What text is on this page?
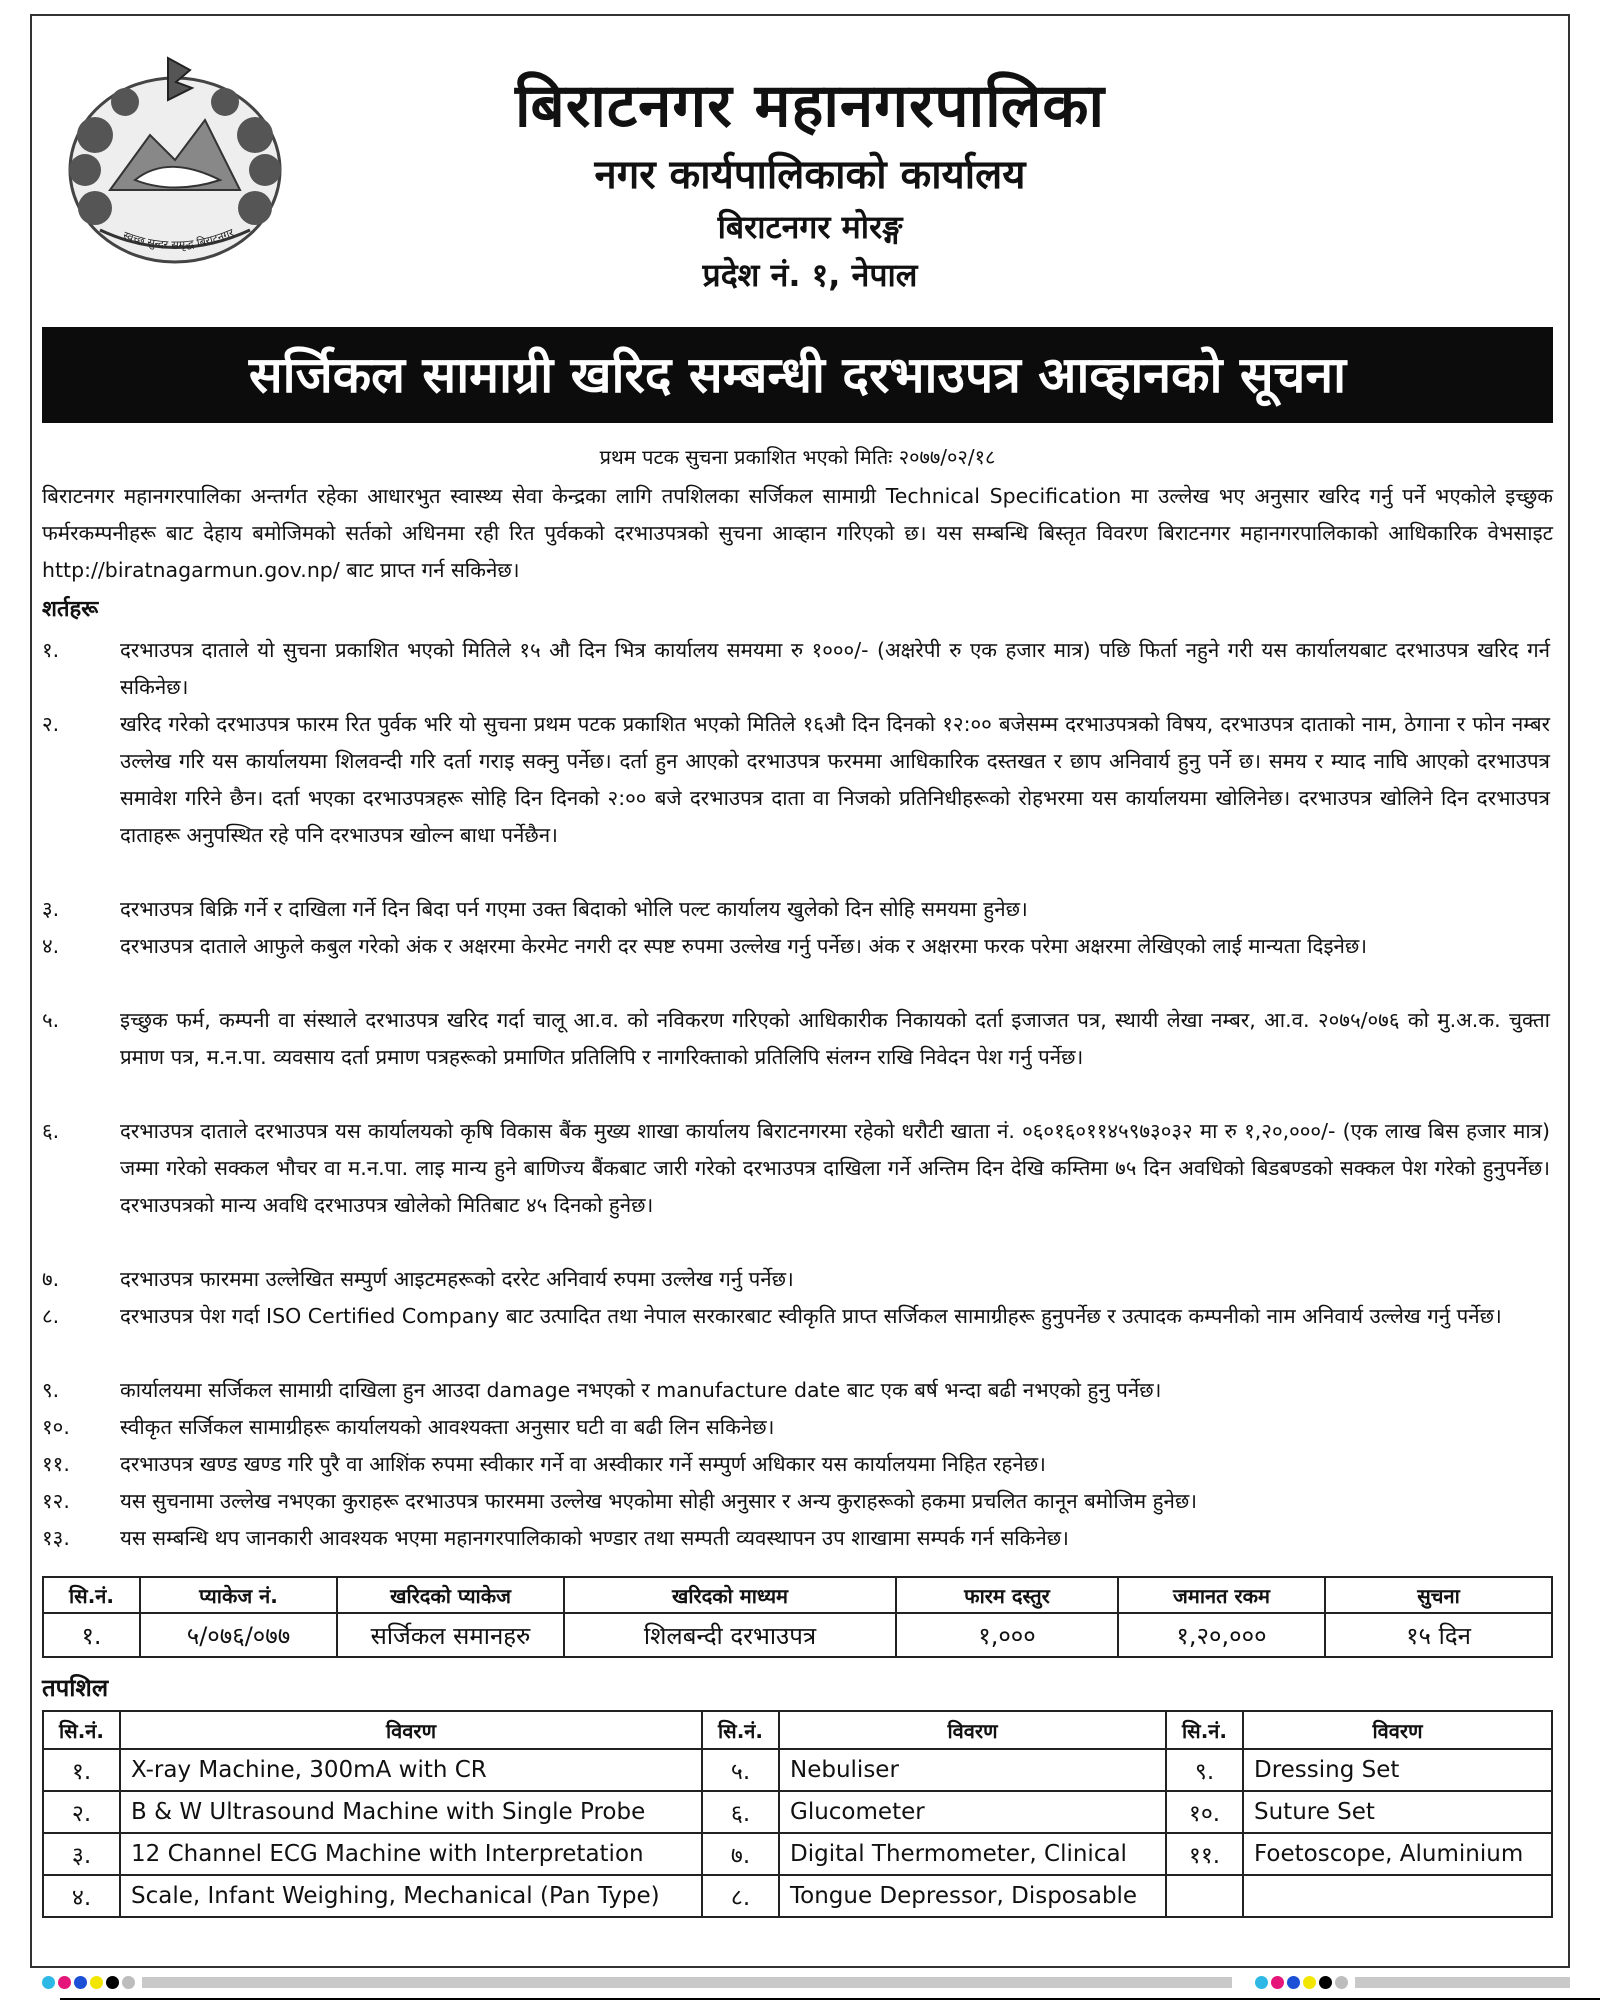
स्वच्छ सुन्दर समृद्ध बिराटनगर
बिराटनगर महानगरपालिका
नगर कार्यपालिकाको कार्यालय
बिराटनगर मोरङ्ग
प्रदेश नं. १, नेपाल
सर्जिकल सामाग्री खरिद सम्बन्धी दरभाउपत्र आव्हानको सूचना
प्रथम पटक सुचना प्रकाशित भएको मितिः २०७७/०२/१८
बिराटनगर महानगरपालिका अन्तर्गत रहेका आधारभुत स्वास्थ्य सेवा केन्द्रका लागि तपशिलका सर्जिकल सामाग्री Technical Specification मा उल्लेख भए अनुसार खरिद गर्नु पर्ने भएकोले इच्छुक फर्मरकम्पनीहरू बाट देहाय बमोजिमको सर्तको अधिनमा रही रित पुर्वकको दरभाउपत्रको सुचना आव्हान गरिएको छ। यस सम्बन्धि बिस्तृत विवरण बिराटनगर महानगरपालिकाको आधिकारिक वेभसाइट http://biratnagarmun.gov.np/ बाट प्राप्त गर्न सकिनेछ।
शर्तहरू
१.	दरभाउपत्र दाताले यो सुचना प्रकाशित भएको मितिले १५ औ दिन भित्र कार्यालय समयमा रु १०००/- (अक्षरेपी रु एक हजार मात्र) पछि फिर्ता नहुने गरी यस कार्यालयबाट दरभाउपत्र खरिद गर्न सकिनेछ।
२.	खरिद गरेको दरभाउपत्र फारम रित पुर्वक भरि यो सुचना प्रथम पटक प्रकाशित भएको मितिले १६औ दिन दिनको १२:०० बजेसम्म दरभाउपत्रको विषय, दरभाउपत्र दाताको नाम, ठेगाना र फोन नम्बर उल्लेख गरि यस कार्यालयमा शिलवन्दी गरि दर्ता गराइ सक्नु पर्नेछ। दर्ता हुन आएको दरभाउपत्र फरममा आधिकारिक दस्तखत र छाप अनिवार्य हुनु पर्ने छ। समय र म्याद नाघि आएको दरभाउपत्र समावेश गरिने छैन। दर्ता भएका दरभाउपत्रहरू सोहि दिन दिनको २:०० बजे दरभाउपत्र दाता वा निजको प्रतिनिधीहरूको रोहभरमा यस कार्यालयमा खोलिनेछ। दरभाउपत्र खोलिने दिन दरभाउपत्र दाताहरू अनुपस्थित रहे पनि दरभाउपत्र खोल्न बाधा पर्नेछैन।
३.	दरभाउपत्र बिक्रि गर्ने र दाखिला गर्ने दिन बिदा पर्न गएमा उक्त बिदाको भोलि पल्ट कार्यालय खुलेको दिन सोहि समयमा हुनेछ।
४.	दरभाउपत्र दाताले आफुले कबुल गरेको अंक र अक्षरमा केरमेट नगरी दर स्पष्ट रुपमा उल्लेख गर्नु पर्नेछ। अंक र अक्षरमा फरक परेमा अक्षरमा लेखिएको लाई मान्यता दिइनेछ।
५.	इच्छुक फर्म, कम्पनी वा संस्थाले दरभाउपत्र खरिद गर्दा चालू आ.व. को नविकरण गरिएको आधिकारीक निकायको दर्ता इजाजत पत्र, स्थायी लेखा नम्बर, आ.व. २०७५/०७६ को मु.अ.क. चुक्ता प्रमाण पत्र, म.न.पा. व्यवसाय दर्ता प्रमाण पत्रहरूको प्रमाणित प्रतिलिपि र नागरिक्ताको प्रतिलिपि संलग्न राखि निवेदन पेश गर्नु पर्नेछ।
६.	दरभाउपत्र दाताले दरभाउपत्र यस कार्यालयको कृषि विकास बैंक मुख्य शाखा कार्यालय बिराटनगरमा रहेको धरौटी खाता नं. ०६०१६०११४५९७३०३२ मा रु १,२०,०००/- (एक लाख बिस हजार मात्र) जम्मा गरेको सक्कल भौचर वा म.न.पा. लाइ मान्य हुने बाणिज्य बैंकबाट जारी गरेको दरभाउपत्र दाखिला गर्ने अन्तिम दिन देखि कम्तिमा ७५ दिन अवधिको बिडबण्डको सक्कल पेश गरेको हुनुपर्नेछ। दरभाउपत्रको मान्य अवधि दरभाउपत्र खोलेको मितिबाट ४५ दिनको हुनेछ।
७.	दरभाउपत्र फारममा उल्लेखित सम्पुर्ण आइटमहरूको दररेट अनिवार्य रुपमा उल्लेख गर्नु पर्नेछ।
८.	दरभाउपत्र पेश गर्दा ISO Certified Company बाट उत्पादित तथा नेपाल सरकारबाट स्वीकृति प्राप्त सर्जिकल सामाग्रीहरू हुनुपर्नेछ र उत्पादक कम्पनीको नाम अनिवार्य उल्लेख गर्नु पर्नेछ।
९.	कार्यालयमा सर्जिकल सामाग्री दाखिला हुन आउदा damage नभएको र manufacture date बाट एक बर्ष भन्दा बढी नभएको हुनु पर्नेछ।
१०.	स्वीकृत सर्जिकल सामाग्रीहरू कार्यालयको आवश्यक्ता अनुसार घटी वा बढी लिन सकिनेछ।
११.	दरभाउपत्र खण्ड खण्ड गरि पुरै वा आशिंक रुपमा स्वीकार गर्ने वा अस्वीकार गर्ने सम्पुर्ण अधिकार यस कार्यालयमा निहित रहनेछ।
१२.	यस सुचनामा उल्लेख नभएका कुराहरू दरभाउपत्र फारममा उल्लेख भएकोमा सोही अनुसार र अन्य कुराहरूको हकमा प्रचलित कानून बमोजिम हुनेछ।
१३.	यस सम्बन्धि थप जानकारी आवश्यक भएमा महानगरपालिकाको भण्डार तथा सम्पती व्यवस्थापन उप शाखामा सम्पर्क गर्न सकिनेछ।
सि.नं.	प्याकेज नं.	खरिदको प्याकेज	खरिदको माध्यम	फारम दस्तुर	जमानत रकम	सुचना
१.	५/०७६/०७७	सर्जिकल समानहरु	शिलबन्दी दरभाउपत्र	१,०००	१,२०,०००	१५ दिन
तपशिल
सि.नं.	विवरण	सि.नं.	विवरण	सि.नं.	विवरण
१.	X-ray Machine, 300mA with CR	५.	Nebuliser	९.	Dressing Set
२.	B & W Ultrasound Machine with Single Probe	६.	Glucometer	१०.	Suture Set
३.	12 Channel ECG Machine with Interpretation	७.	Digital Thermometer, Clinical	११.	Foetoscope, Aluminium
४.	Scale, Infant Weighing, Mechanical (Pan Type)	८.	Tongue Depressor, Disposable		
